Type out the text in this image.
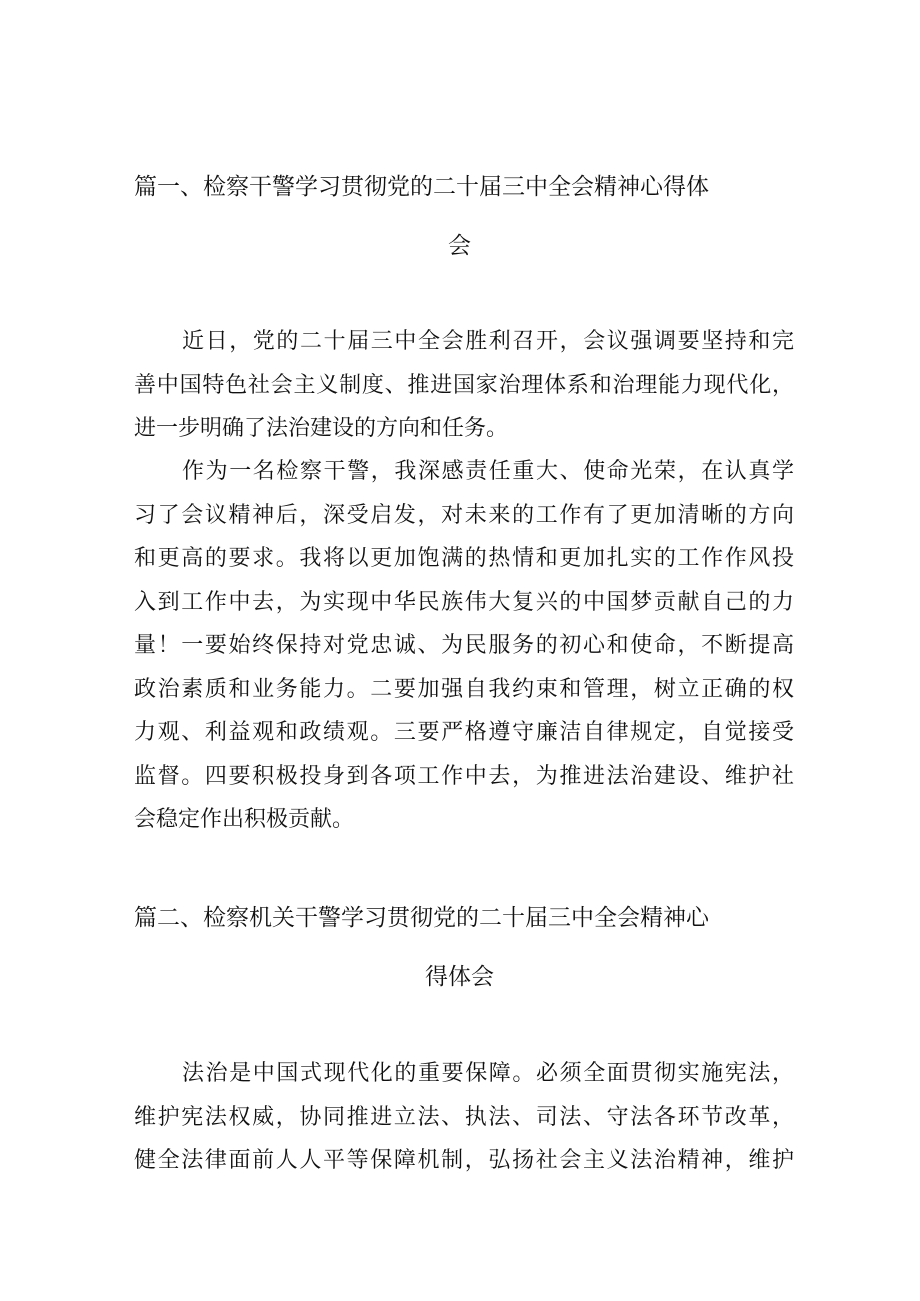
篇一、检察干警学习贯彻党的二十届三中全会精神心得体
会

近日，党的二十届三中全会胜利召开，会议强调要坚持和完
善中国特色社会主义制度、推进国家治理体系和治理能力现代化，
进一步明确了法治建设的方向和任务。

作为一名检察干警，我深感责任重大、使命光荣，在认真学
习了会议精神后，深受启发，对未来的工作有了更加清晰的方向
和更高的要求。我将以更加饱满的热情和更加扎实的工作作风投
入到工作中去，为实现中华民族伟大复兴的中国梦贡献自己的力
量！一要始终保持对党忠诚、为民服务的初心和使命，不断提高
政治素质和业务能力。二要加强自我约束和管理，树立正确的权
力观、利益观和政绩观。三要严格遵守廉洁自律规定，自觉接受
监督。四要积极投身到各项工作中去，为推进法治建设、维护社
会稳定作出积极贡献。

篇二、检察机关干警学习贯彻党的二十届三中全会精神心
得体会

法治是中国式现代化的重要保障。必须全面贯彻实施宪法，
维护宪法权威，协同推进立法、执法、司法、守法各环节改革，
健全法律面前人人平等保障机制，弘扬社会主义法治精神，维护
